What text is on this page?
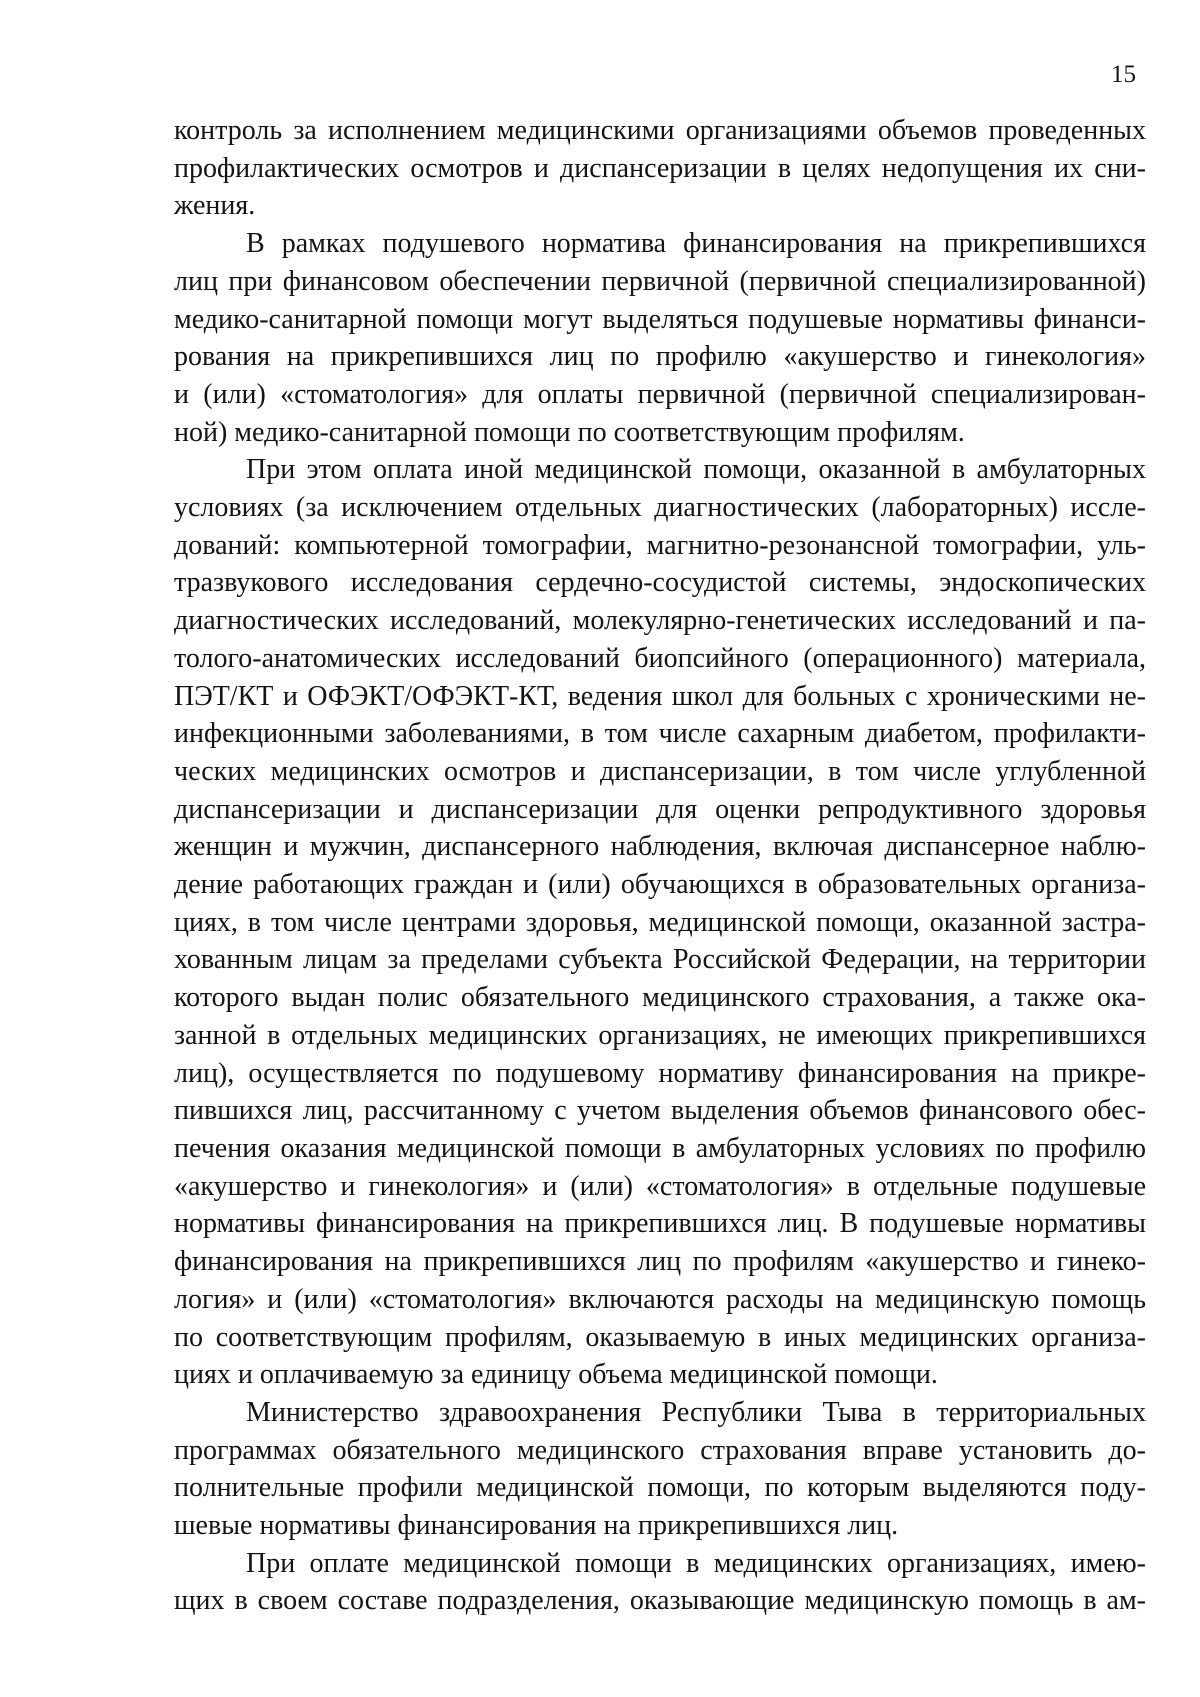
15

контроль за исполнением медицинскими организациями объемов проведенных
профилактических осмотров и диспансеризации в целях недопущения их сни-
жения.

В рамках подушевого норматива финансирования на прикрепившихся
лиц при финансовом обеспечении первичной (первичной специализированной)
медико-санитарной помощи могут выделяться подушевые нормативы финанси-
рования на прикрепившихся лиц по профилю «акушерство и гинекология»
и (или) «стоматология» для оплаты первичной (первичной специализирован-
ной) медико-санитарной помощи по соответствующим профилям.

При этом оплата иной медицинской помощи, оказанной в амбулаторных
условиях (за исключением отдельных диагностических (лабораторных) иссле-
дований: компьютерной томографии, магнитно-резонансной томографии, уль-
тразвукового исследования сердечно-сосудистой системы, эндоскопических
диагностических исследований, молекулярно-генетических исследований и па-
толого-анатомических исследований биопсийного (операционного) материала,
ПЭТ/КТ и ОФЭКТ/ОФЭКТ-КТ, ведения школ для больных с хроническими не-
инфекционными заболеваниями, в том числе сахарным диабетом, профилакти-
ческих медицинских осмотров и диспансеризации, в том числе углубленной
диспансеризации и диспансеризации для оценки репродуктивного здоровья
женщин и мужчин, диспансерного наблюдения, включая диспансерное наблю-
дение работающих граждан и (или) обучающихся в образовательных организа-
циях, в том числе центрами здоровья, медицинской помощи, оказанной застра-
хованным лицам за пределами субъекта Российской Федерации, на территории
которого выдан полис обязательного медицинского страхования, а также ока-
занной в отдельных медицинских организациях, не имеющих прикрепившихся
лиц), осуществляется по подушевому нормативу финансирования на прикре-
пившихся лиц, рассчитанному с учетом выделения объемов финансового обес-
печения оказания медицинской помощи в амбулаторных условиях по профилю
«акушерство и гинекология» и (или) «стоматология» в отдельные подушевые
нормативы финансирования на прикрепившихся лиц. В подушевые нормативы
финансирования на прикрепившихся лиц по профилям «акушерство и гинеко-
логия» и (или) «стоматология» включаются расходы на медицинскую помощь
по соответствующим профилям, оказываемую в иных медицинских организа-
циях и оплачиваемую за единицу объема медицинской помощи.

Министерство здравоохранения Республики Тыва в территориальных
программах обязательного медицинского страхования вправе установить до-
полнительные профили медицинской помощи, по которым выделяются поду-
шевые нормативы финансирования на прикрепившихся лиц.

При оплате медицинской помощи в медицинских организациях, имею-
щих в своем составе подразделения, оказывающие медицинскую помощь в ам-
